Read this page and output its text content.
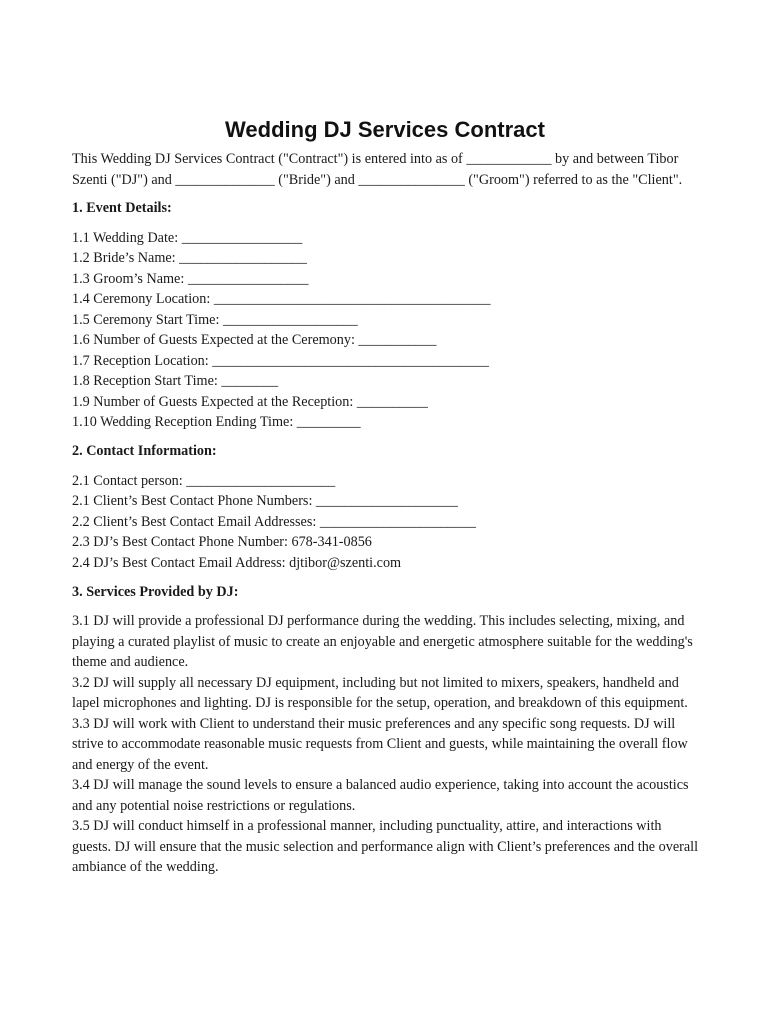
Wedding DJ Services Contract

This Wedding DJ Services Contract ("Contract") is entered into as of ____________ by and between Tibor Szenti ("DJ") and ______________ ("Bride") and _______________ ("Groom") referred to as the "Client".

1. Event Details:

1.1 Wedding Date: _________________
1.2 Bride’s Name: __________________
1.3 Groom’s Name: _________________
1.4 Ceremony Location: _______________________________________
1.5 Ceremony Start Time: ___________________
1.6 Number of Guests Expected at the Ceremony: ___________
1.7 Reception Location: _______________________________________
1.8 Reception Start Time: ________
1.9 Number of Guests Expected at the Reception: __________
1.10 Wedding Reception Ending Time: _________

2. Contact Information:

2.1 Contact person: _____________________
2.1 Client’s Best Contact Phone Numbers: ____________________
2.2 Client’s Best Contact Email Addresses: ______________________
2.3 DJ’s Best Contact Phone Number: 678-341-0856
2.4 DJ’s Best Contact Email Address: djtibor@szenti.com

3. Services Provided by DJ:

3.1 DJ will provide a professional DJ performance during the wedding. This includes selecting, mixing, and playing a curated playlist of music to create an enjoyable and energetic atmosphere suitable for the wedding's theme and audience.
3.2 DJ will supply all necessary DJ equipment, including but not limited to mixers, speakers, handheld and lapel microphones and lighting. DJ is responsible for the setup, operation, and breakdown of this equipment.
3.3 DJ will work with Client to understand their music preferences and any specific song requests. DJ will strive to accommodate reasonable music requests from Client and guests, while maintaining the overall flow and energy of the event.
3.4 DJ will manage the sound levels to ensure a balanced audio experience, taking into account the acoustics and any potential noise restrictions or regulations.
3.5 DJ will conduct himself in a professional manner, including punctuality, attire, and interactions with guests. DJ will ensure that the music selection and performance align with Client’s preferences and the overall ambiance of the wedding.
